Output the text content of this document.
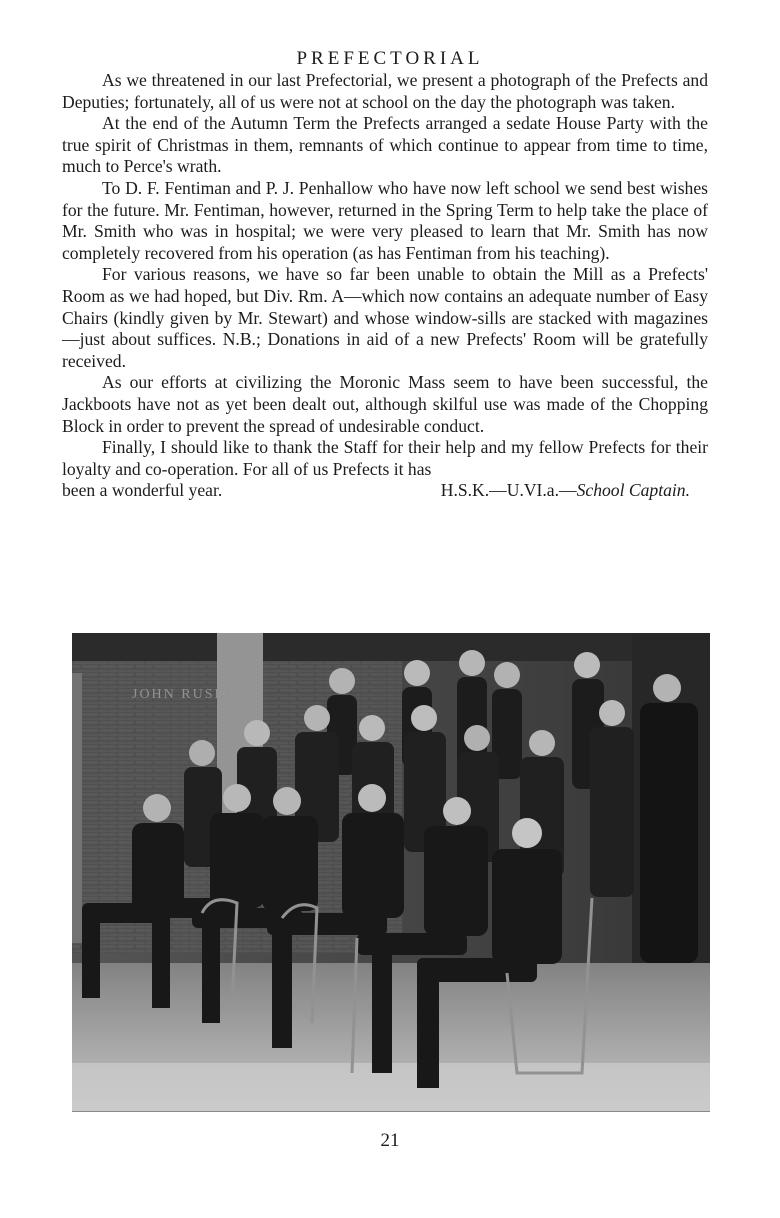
PREFECTORIAL

As we threatened in our last Prefectorial, we present a photograph of the Prefects and Deputies; fortunately, all of us were not at school on the day the photograph was taken.

At the end of the Autumn Term the Prefects arranged a sedate House Party with the true spirit of Christmas in them, remnants of which continue to appear from time to time, much to Perce's wrath.

To D. F. Fentiman and P. J. Penhallow who have now left school we send best wishes for the future. Mr. Fentiman, however, returned in the Spring Term to help take the place of Mr. Smith who was in hospital; we were very pleased to learn that Mr. Smith has now completely recovered from his operation (as has Fentiman from his teaching).

For various reasons, we have so far been unable to obtain the Mill as a Prefects' Room as we had hoped, but Div. Rm. A—which now contains an adequate number of Easy Chairs (kindly given by Mr. Stewart) and whose window-sills are stacked with magazines—just about suffices. N.B.; Donations in aid of a new Prefects' Room will be gratefully received.

As our efforts at civilizing the Moronic Mass seem to have been successful, the Jackboots have not as yet been dealt out, although skilful use was made of the Chopping Block in order to prevent the spread of undesirable conduct.

Finally, I should like to thank the Staff for their help and my fellow Prefects for their loyalty and co-operation. For all of us Prefects it has

been a wonderful year.	H.S.K.—U.VI.a.—School Captain.

JOHN RUSKI
21
